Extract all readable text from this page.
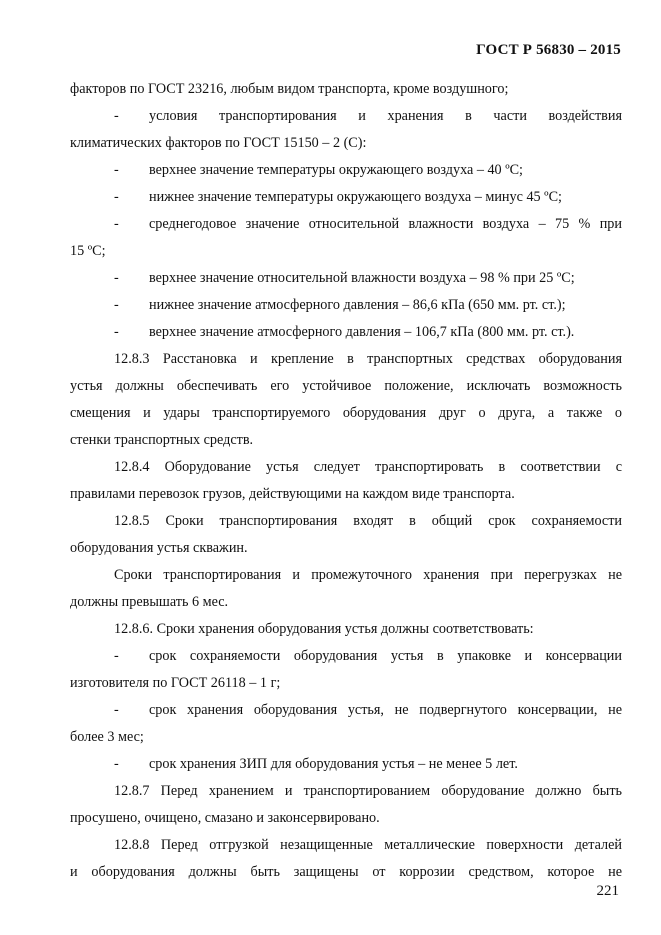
ГОСТ Р 56830 – 2015
факторов по ГОСТ 23216, любым видом транспорта, кроме воздушного;
- условия транспортирования и хранения в части воздействия
климатических факторов по ГОСТ 15150 – 2 (С):
- верхнее значение температуры окружающего воздуха – 40 ºС;
- нижнее значение температуры окружающего воздуха – минус 45 ºС;
- среднегодовое значение относительной влажности воздуха – 75 % при
15 ºС;
- верхнее значение относительной влажности воздуха – 98 % при 25 ºС;
- нижнее значение атмосферного давления – 86,6 кПа (650 мм. рт. ст.);
- верхнее значение атмосферного давления – 106,7 кПа (800 мм. рт. ст.).
12.8.3 Расстановка и крепление в транспортных средствах оборудования
устья должны обеспечивать его устойчивое положение, исключать возможность
смещения и удары транспортируемого оборудования друг о друга, а также о
стенки транспортных средств.
12.8.4 Оборудование устья следует транспортировать в соответствии с
правилами перевозок грузов, действующими на каждом виде транспорта.
12.8.5 Сроки транспортирования входят в общий срок сохраняемости
оборудования устья скважин.
Сроки транспортирования и промежуточного хранения при перегрузках не
должны превышать 6 мес.
12.8.6. Сроки хранения оборудования устья должны соответствовать:
- срок сохраняемости оборудования устья в упаковке и консервации
изготовителя по ГОСТ 26118 – 1 г;
- срок хранения оборудования устья, не подвергнутого консервации, не
более 3 мес;
- срок хранения ЗИП для оборудования устья – не менее 5 лет.
12.8.7 Перед хранением и транспортированием оборудование должно быть
просушено, очищено, смазано и законсервировано.
12.8.8 Перед отгрузкой незащищенные металлические поверхности деталей
и оборудования должны быть защищены от коррозии средством, которое не
221
